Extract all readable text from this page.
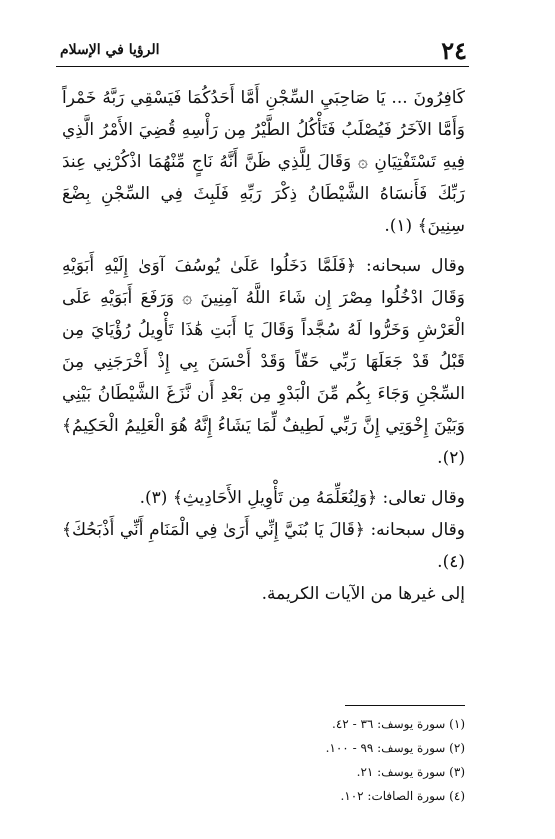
الرؤيا في الإسلام	٢٤

كَافِرُونَ ... يَا صَاحِبَيِ السِّجْنِ أَمَّا أَحَدُكُمَا فَيَسْقِي رَبَّهُ خَمْراً وَأَمَّا الآخَرُ فَيُصْلَبُ فَتَأْكُلُ الطَّيْرُ مِن رَأْسِهِ قُضِيَ الأَمْرُ الَّذِي فِيهِ تَسْتَفْتِيَانِ ۞ وَقَالَ لِلَّذِي ظَنَّ أَنَّهُ نَاجٍ مِّنْهُمَا اذْكُرْنِي عِندَ رَبِّكَ فَأَنسَاهُ الشَّيْطَانُ ذِكْرَ رَبِّهِ فَلَبِثَ فِي السِّجْنِ بِضْعَ سِنِينَ﴾ (١).

وقال سبحانه: ﴿فَلَمَّا دَخَلُوا عَلَىٰ يُوسُفَ آوَىٰ إِلَيْهِ أَبَوَيْهِ وَقَالَ ادْخُلُوا مِصْرَ إِن شَاءَ اللَّهُ آمِنِينَ ۞ وَرَفَعَ أَبَوَيْهِ عَلَى الْعَرْشِ وَخَرُّوا لَهُ سُجَّداً وَقَالَ يَا أَبَتِ هَٰذَا تَأْوِيلُ رُؤْيَايَ مِن قَبْلُ قَدْ جَعَلَهَا رَبِّي حَقّاً وَقَدْ أَحْسَنَ بِي إِذْ أَخْرَجَنِي مِنَ السِّجْنِ وَجَاءَ بِكُم مِّنَ الْبَدْوِ مِن بَعْدِ أَن نَّزَغَ الشَّيْطَانُ بَيْنِي وَبَيْنَ إِخْوَتِي إِنَّ رَبِّي لَطِيفٌ لِّمَا يَشَاءُ إِنَّهُ هُوَ الْعَلِيمُ الْحَكِيمُ﴾ (٢).

وقال تعالى: ﴿وَلِنُعَلِّمَهُ مِن تَأْوِيلِ الأَحَادِيثِ﴾ (٣).

وقال سبحانه: ﴿قَالَ يَا بُنَيَّ إِنِّي أَرَىٰ فِي الْمَنَامِ أَنِّي أَذْبَحُكَ﴾ (٤).

إلى غيرها من الآيات الكريمة.

(١) سورة يوسف: ٣٦ - ٤٢.

(٢) سورة يوسف: ٩٩ - ١٠٠.

(٣) سورة يوسف: ٢١.

(٤) سورة الصافات: ١٠٢.
